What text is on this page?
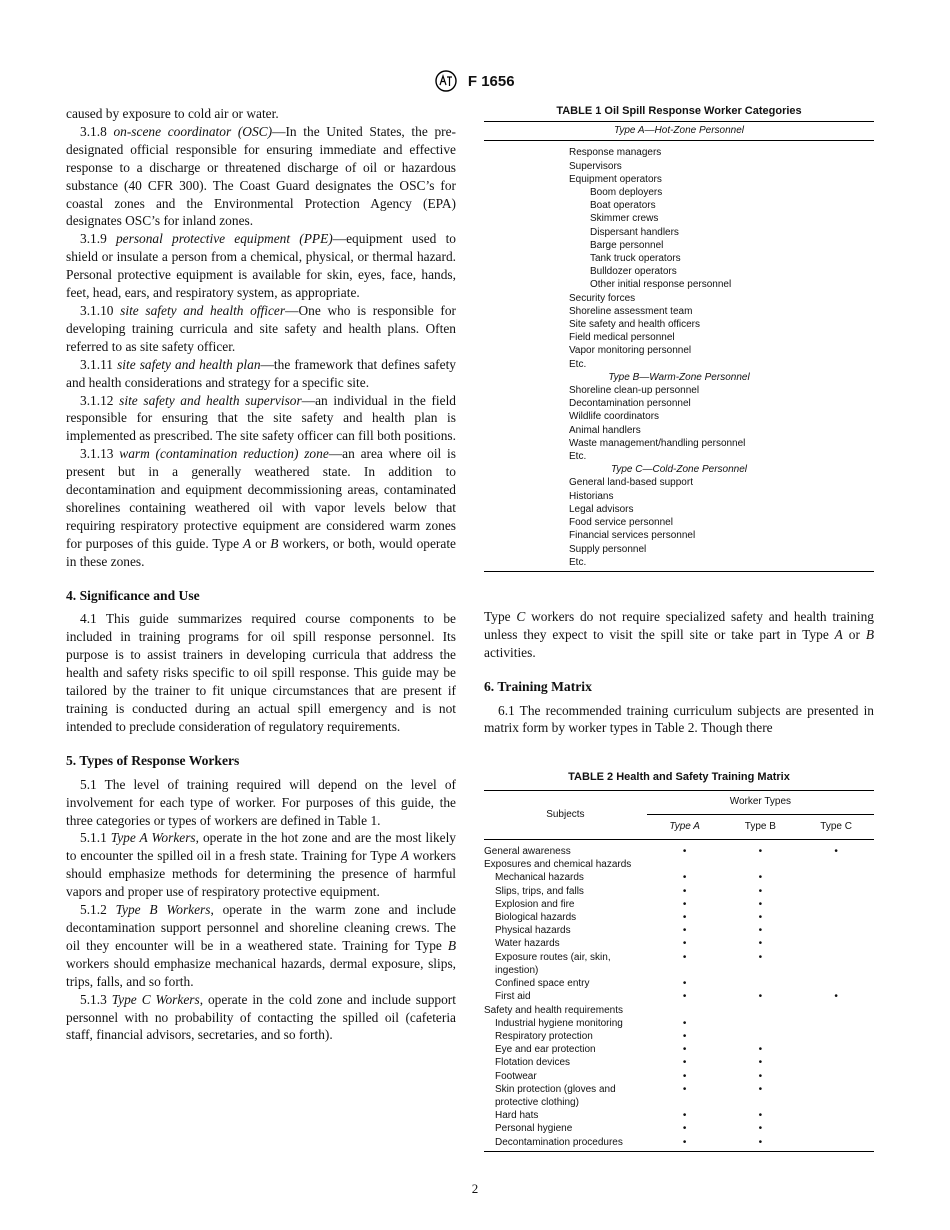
F 1656

caused by exposure to cold air or water.

3.1.8 on-scene coordinator (OSC)—In the United States, the pre-designated official responsible for ensuring immediate and effective response to a discharge or threatened discharge of oil or hazardous substance (40 CFR 300). The Coast Guard designates the OSC’s for coastal zones and the Environmental Protection Agency (EPA) designates OSC’s for inland zones.

3.1.9 personal protective equipment (PPE)—equipment used to shield or insulate a person from a chemical, physical, or thermal hazard. Personal protective equipment is available for skin, eyes, face, hands, feet, head, ears, and respiratory system, as appropriate.

3.1.10 site safety and health officer—One who is responsible for developing training curricula and site safety and health plans. Often referred to as site safety officer.

3.1.11 site safety and health plan—the framework that defines safety and health considerations and strategy for a specific site.

3.1.12 site safety and health supervisor—an individual in the field responsible for ensuring that the site safety and health plan is implemented as prescribed. The site safety officer can fill both positions.

3.1.13 warm (contamination reduction) zone—an area where oil is present but in a generally weathered state. In addition to decontamination and equipment decommissioning areas, contaminated shorelines containing weathered oil with vapor levels below that requiring respiratory protective equipment are considered warm zones for purposes of this guide. Type A or B workers, or both, would operate in these zones.

4. Significance and Use

4.1 This guide summarizes required course components to be included in training programs for oil spill response personnel. Its purpose is to assist trainers in developing curricula that address the health and safety risks specific to oil spill response. This guide may be tailored by the trainer to fit unique circumstances that are present if training is conducted during an actual spill emergency and is not intended to preclude consideration of regulatory requirements.

5. Types of Response Workers

5.1 The level of training required will depend on the level of involvement for each type of worker. For purposes of this guide, the three categories or types of workers are defined in Table 1.

5.1.1 Type A Workers, operate in the hot zone and are the most likely to encounter the spilled oil in a fresh state. Training for Type A workers should emphasize methods for determining the presence of harmful vapors and proper use of respiratory protective equipment.

5.1.2 Type B Workers, operate in the warm zone and include decontamination support personnel and shoreline cleaning crews. The oil they encounter will be in a weathered state. Training for Type B workers should emphasize mechanical hazards, dermal exposure, slips, trips, falls, and so forth.

5.1.3 Type C Workers, operate in the cold zone and include support personnel with no probability of contacting the spilled oil (cafeteria staff, financial advisors, secretaries, and so forth).

TABLE 1 Oil Spill Response Worker Categories
Type A—Hot-Zone Personnel
Response managers
Supervisors
Equipment operators
Boom deployers
Boat operators
Skimmer crews
Dispersant handlers
Barge personnel
Tank truck operators
Bulldozer operators
Other initial response personnel
Security forces
Shoreline assessment team
Site safety and health officers
Field medical personnel
Vapor monitoring personnel
Etc.
Type B—Warm-Zone Personnel
Shoreline clean-up personnel
Decontamination personnel
Wildlife coordinators
Animal handlers
Waste management/handling personnel
Etc.
Type C—Cold-Zone Personnel
General land-based support
Historians
Legal advisors
Food service personnel
Financial services personnel
Supply personnel
Etc.

Type C workers do not require specialized safety and health training unless they expect to visit the spill site or take part in Type A or B activities.

6. Training Matrix

6.1 The recommended training curriculum subjects are presented in matrix form by worker types in Table 2. Though there

TABLE 2 Health and Safety Training Matrix
Subjects	Worker Types		
	Type A	Type B	Type C
General awareness	•	•	•
Exposures and chemical hazards			
Mechanical hazards	•	•	
Slips, trips, and falls	•	•	
Explosion and fire	•	•	
Biological hazards	•	•	
Physical hazards	•	•	
Water hazards	•	•	
Exposure routes (air, skin, ingestion)	•	•	
Confined space entry	•		
First aid	•	•	•
Safety and health requirements			
Industrial hygiene monitoring	•		
Respiratory protection	•		
Eye and ear protection	•	•	
Flotation devices	•	•	
Footwear	•	•	
Skin protection (gloves and protective clothing)	•	•	
Hard hats	•	•	
Personal hygiene	•	•	
Decontamination procedures	•	•	
2
